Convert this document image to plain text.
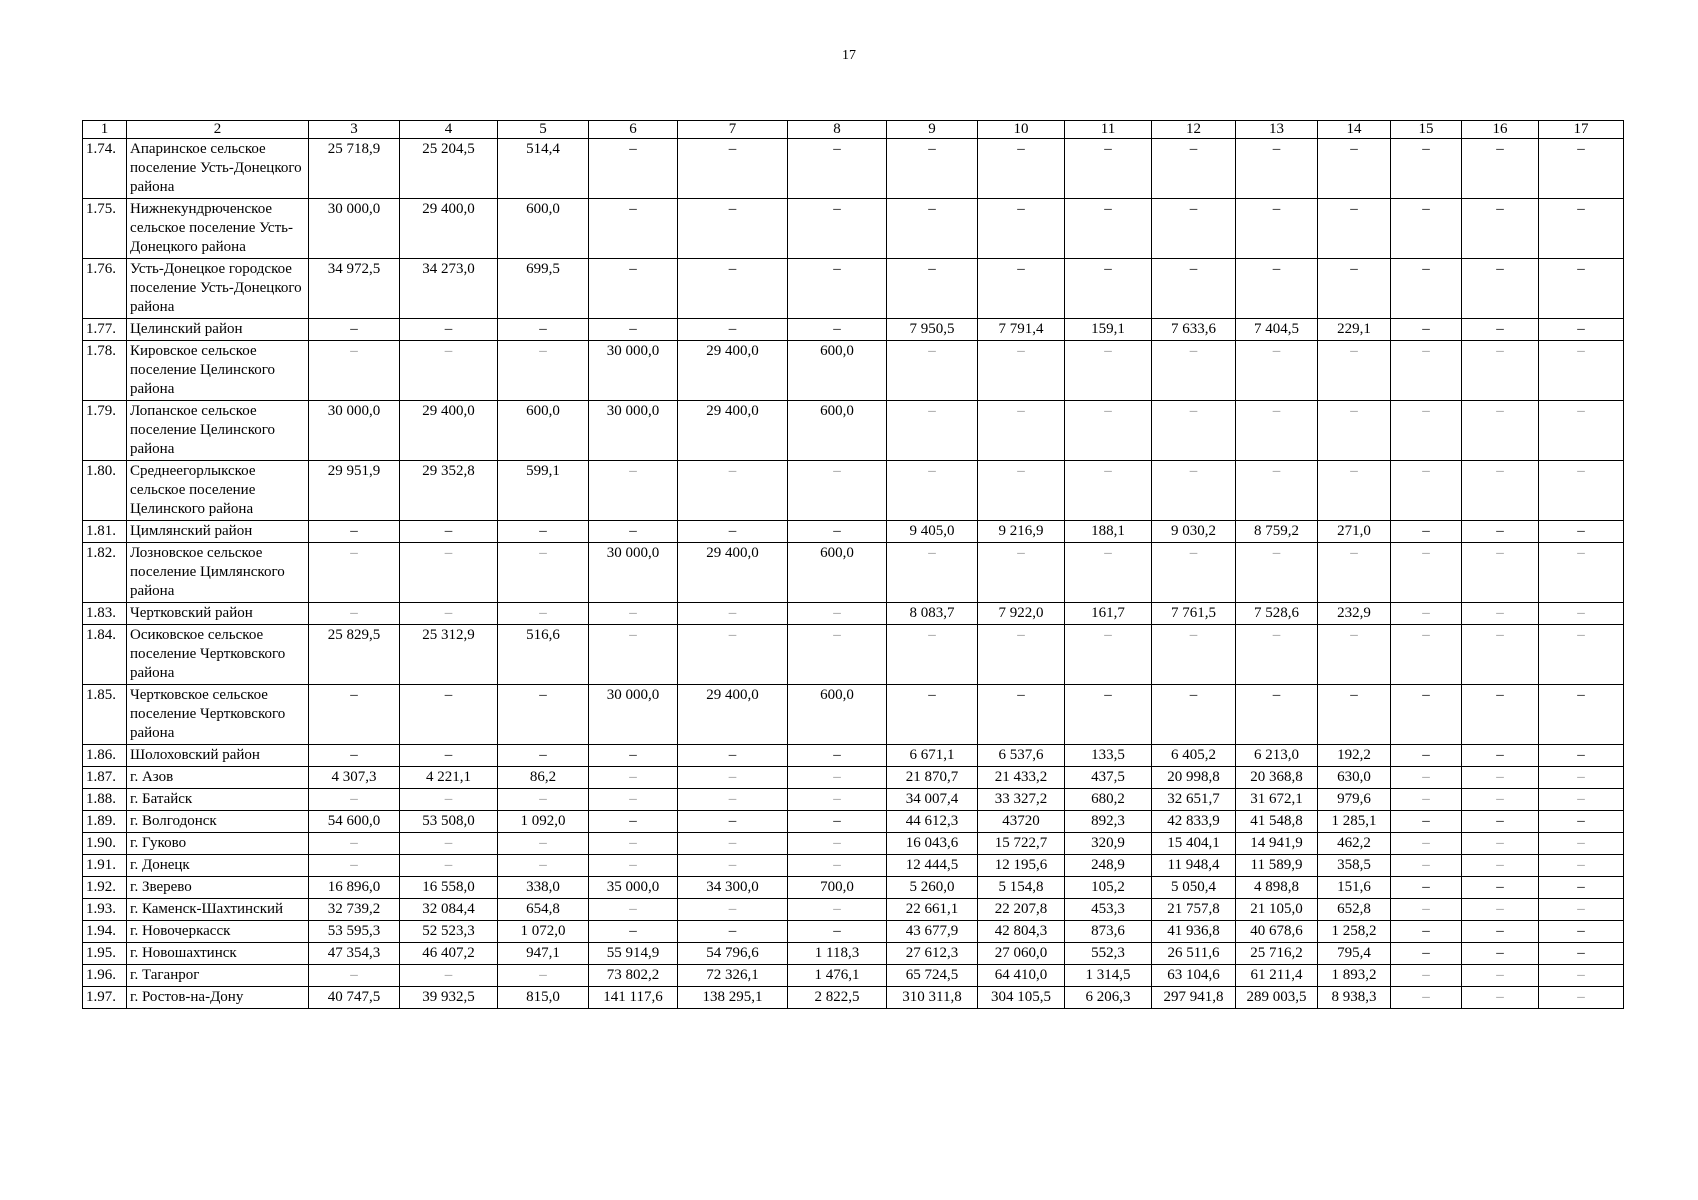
17
1	2	3	4	5	6	7	8	9	10	11	12	13	14	15	16	17
1.74.	Апаринское сельское поселение Усть-Донецкого района	25 718,9	25 204,5	514,4	–	–	–	–	–	–	–	–	–	–	–	–
1.75.	Нижнекундрюченское сельское поселение Усть-Донецкого района	30 000,0	29 400,0	600,0	–	–	–	–	–	–	–	–	–	–	–	–
1.76.	Усть-Донецкое городское поселение Усть-Донецкого района	34 972,5	34 273,0	699,5	–	–	–	–	–	–	–	–	–	–	–	–
1.77.	Целинский район	–	–	–	–	–	–	7 950,5	7 791,4	159,1	7 633,6	7 404,5	229,1	–	–	–
1.78.	Кировское сельское поселение Целинского района	–	–	–	30 000,0	29 400,0	600,0	–	–	–	–	–	–	–	–	–
1.79.	Лопанское сельское поселение Целинского района	30 000,0	29 400,0	600,0	30 000,0	29 400,0	600,0	–	–	–	–	–	–	–	–	–
1.80.	Среднеегорлыкское сельское поселение Целинского района	29 951,9	29 352,8	599,1	–	–	–	–	–	–	–	–	–	–	–	–
1.81.	Цимлянский район	–	–	–	–	–	–	9 405,0	9 216,9	188,1	9 030,2	8 759,2	271,0	–	–	–
1.82.	Лозновское сельское поселение Цимлянского района	–	–	–	30 000,0	29 400,0	600,0	–	–	–	–	–	–	–	–	–
1.83.	Чертковский район	–	–	–	–	–	–	8 083,7	7 922,0	161,7	7 761,5	7 528,6	232,9	–	–	–
1.84.	Осиковское сельское поселение Чертковского района	25 829,5	25 312,9	516,6	–	–	–	–	–	–	–	–	–	–	–	–
1.85.	Чертковское сельское поселение Чертковского района	–	–	–	30 000,0	29 400,0	600,0	–	–	–	–	–	–	–	–	–
1.86.	Шолоховский район	–	–	–	–	–	–	6 671,1	6 537,6	133,5	6 405,2	6 213,0	192,2	–	–	–
1.87.	г. Азов	4 307,3	4 221,1	86,2	–	–	–	21 870,7	21 433,2	437,5	20 998,8	20 368,8	630,0	–	–	–
1.88.	г. Батайск	–	–	–	–	–	–	34 007,4	33 327,2	680,2	32 651,7	31 672,1	979,6	–	–	–
1.89.	г. Волгодонск	54 600,0	53 508,0	1 092,0	–	–	–	44 612,3	43720	892,3	42 833,9	41 548,8	1 285,1	–	–	–
1.90.	г. Гуково	–	–	–	–	–	–	16 043,6	15 722,7	320,9	15 404,1	14 941,9	462,2	–	–	–
1.91.	г. Донецк	–	–	–	–	–	–	12 444,5	12 195,6	248,9	11 948,4	11 589,9	358,5	–	–	–
1.92.	г. Зверево	16 896,0	16 558,0	338,0	35 000,0	34 300,0	700,0	5 260,0	5 154,8	105,2	5 050,4	4 898,8	151,6	–	–	–
1.93.	г. Каменск-Шахтинский	32 739,2	32 084,4	654,8	–	–	–	22 661,1	22 207,8	453,3	21 757,8	21 105,0	652,8	–	–	–
1.94.	г. Новочеркасск	53 595,3	52 523,3	1 072,0	–	–	–	43 677,9	42 804,3	873,6	41 936,8	40 678,6	1 258,2	–	–	–
1.95.	г. Новошахтинск	47 354,3	46 407,2	947,1	55 914,9	54 796,6	1 118,3	27 612,3	27 060,0	552,3	26 511,6	25 716,2	795,4	–	–	–
1.96.	г. Таганрог	–	–	–	73 802,2	72 326,1	1 476,1	65 724,5	64 410,0	1 314,5	63 104,6	61 211,4	1 893,2	–	–	–
1.97.	г. Ростов-на-Дону	40 747,5	39 932,5	815,0	141 117,6	138 295,1	2 822,5	310 311,8	304 105,5	6 206,3	297 941,8	289 003,5	8 938,3	–	–	–
